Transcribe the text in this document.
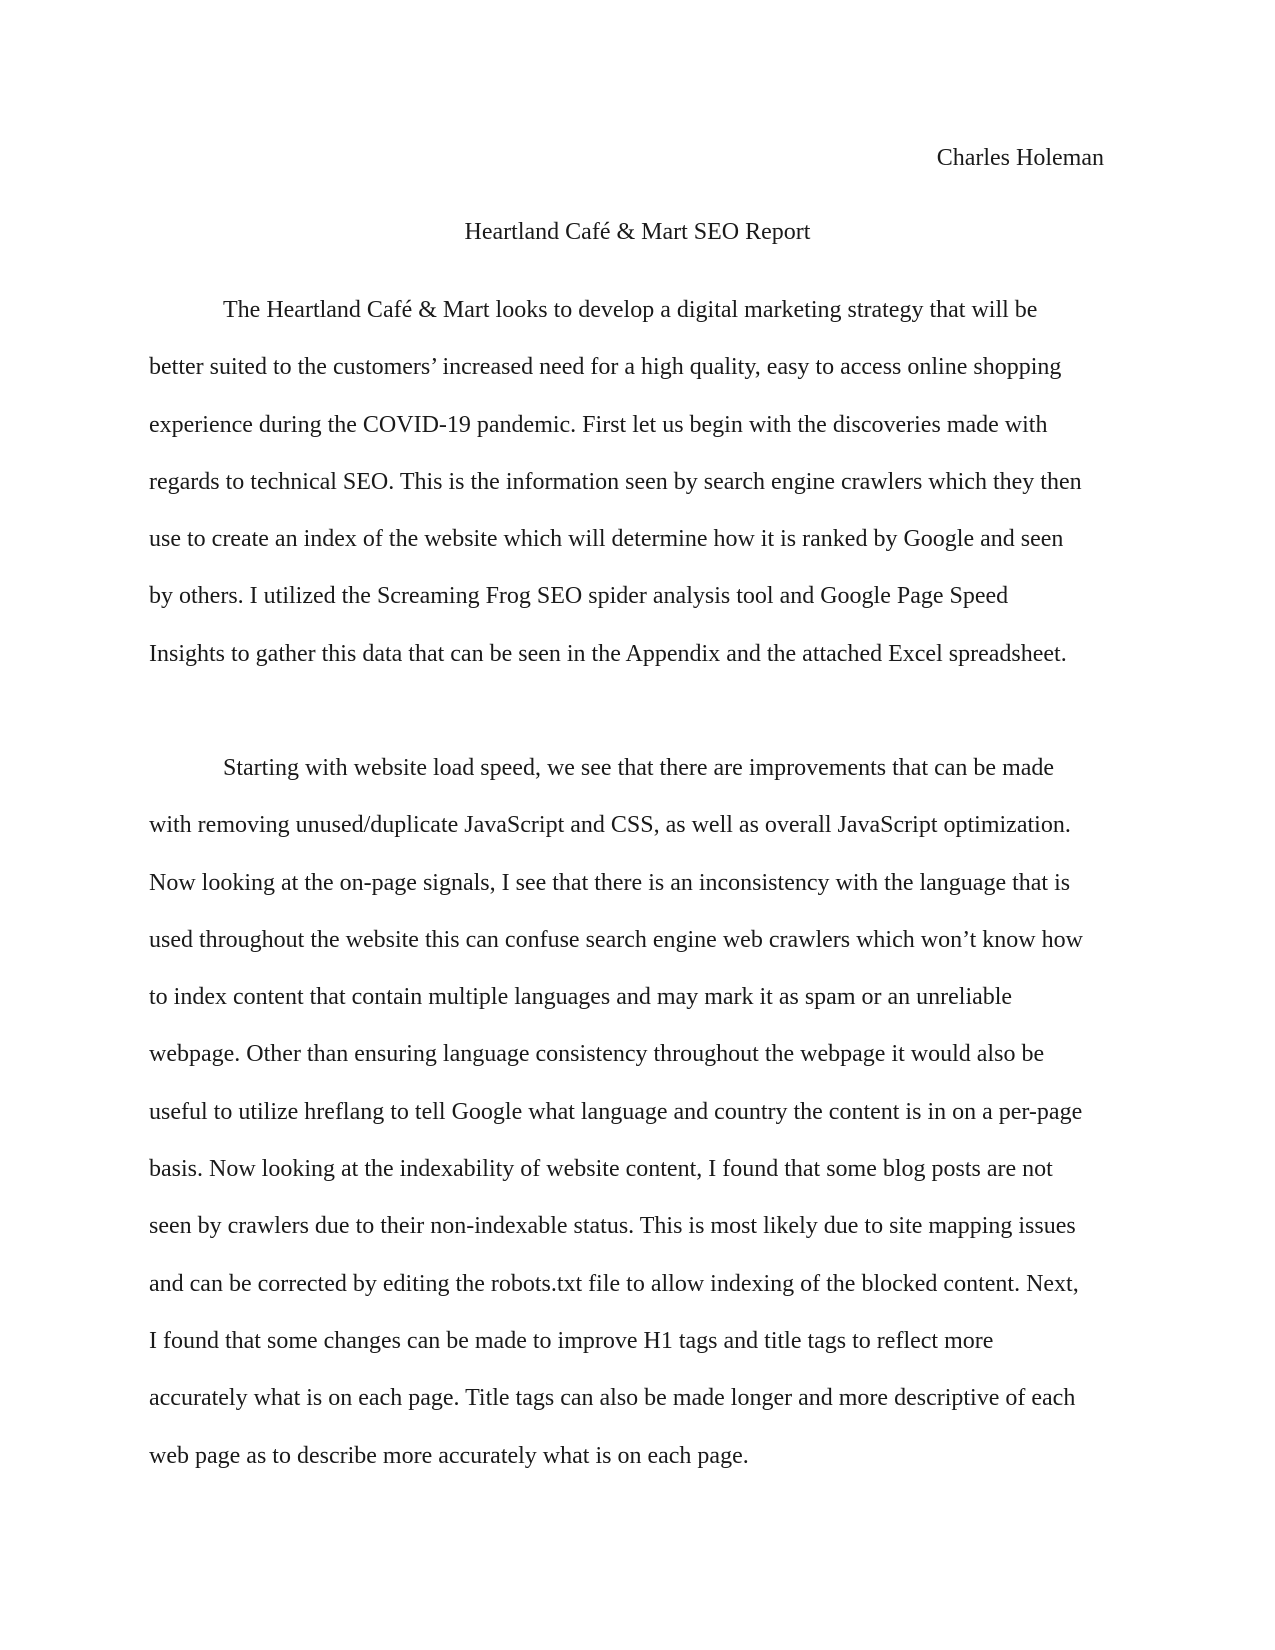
Charles Holeman
Heartland Café & Mart SEO Report
The Heartland Café & Mart looks to develop a digital marketing strategy that will be
better suited to the customers’ increased need for a high quality, easy to access online shopping
experience during the COVID-19 pandemic. First let us begin with the discoveries made with
regards to technical SEO. This is the information seen by search engine crawlers which they then
use to create an index of the website which will determine how it is ranked by Google and seen
by others. I utilized the Screaming Frog SEO spider analysis tool and Google Page Speed
Insights to gather this data that can be seen in the Appendix and the attached Excel spreadsheet.
Starting with website load speed, we see that there are improvements that can be made
with removing unused/duplicate JavaScript and CSS, as well as overall JavaScript optimization.
Now looking at the on-page signals, I see that there is an inconsistency with the language that is
used throughout the website this can confuse search engine web crawlers which won’t know how
to index content that contain multiple languages and may mark it as spam or an unreliable
webpage. Other than ensuring language consistency throughout the webpage it would also be
useful to utilize hreflang to tell Google what language and country the content is in on a per-page
basis. Now looking at the indexability of website content, I found that some blog posts are not
seen by crawlers due to their non-indexable status. This is most likely due to site mapping issues
and can be corrected by editing the robots.txt file to allow indexing of the blocked content. Next,
I found that some changes can be made to improve H1 tags and title tags to reflect more
accurately what is on each page. Title tags can also be made longer and more descriptive of each
web page as to describe more accurately what is on each page.
